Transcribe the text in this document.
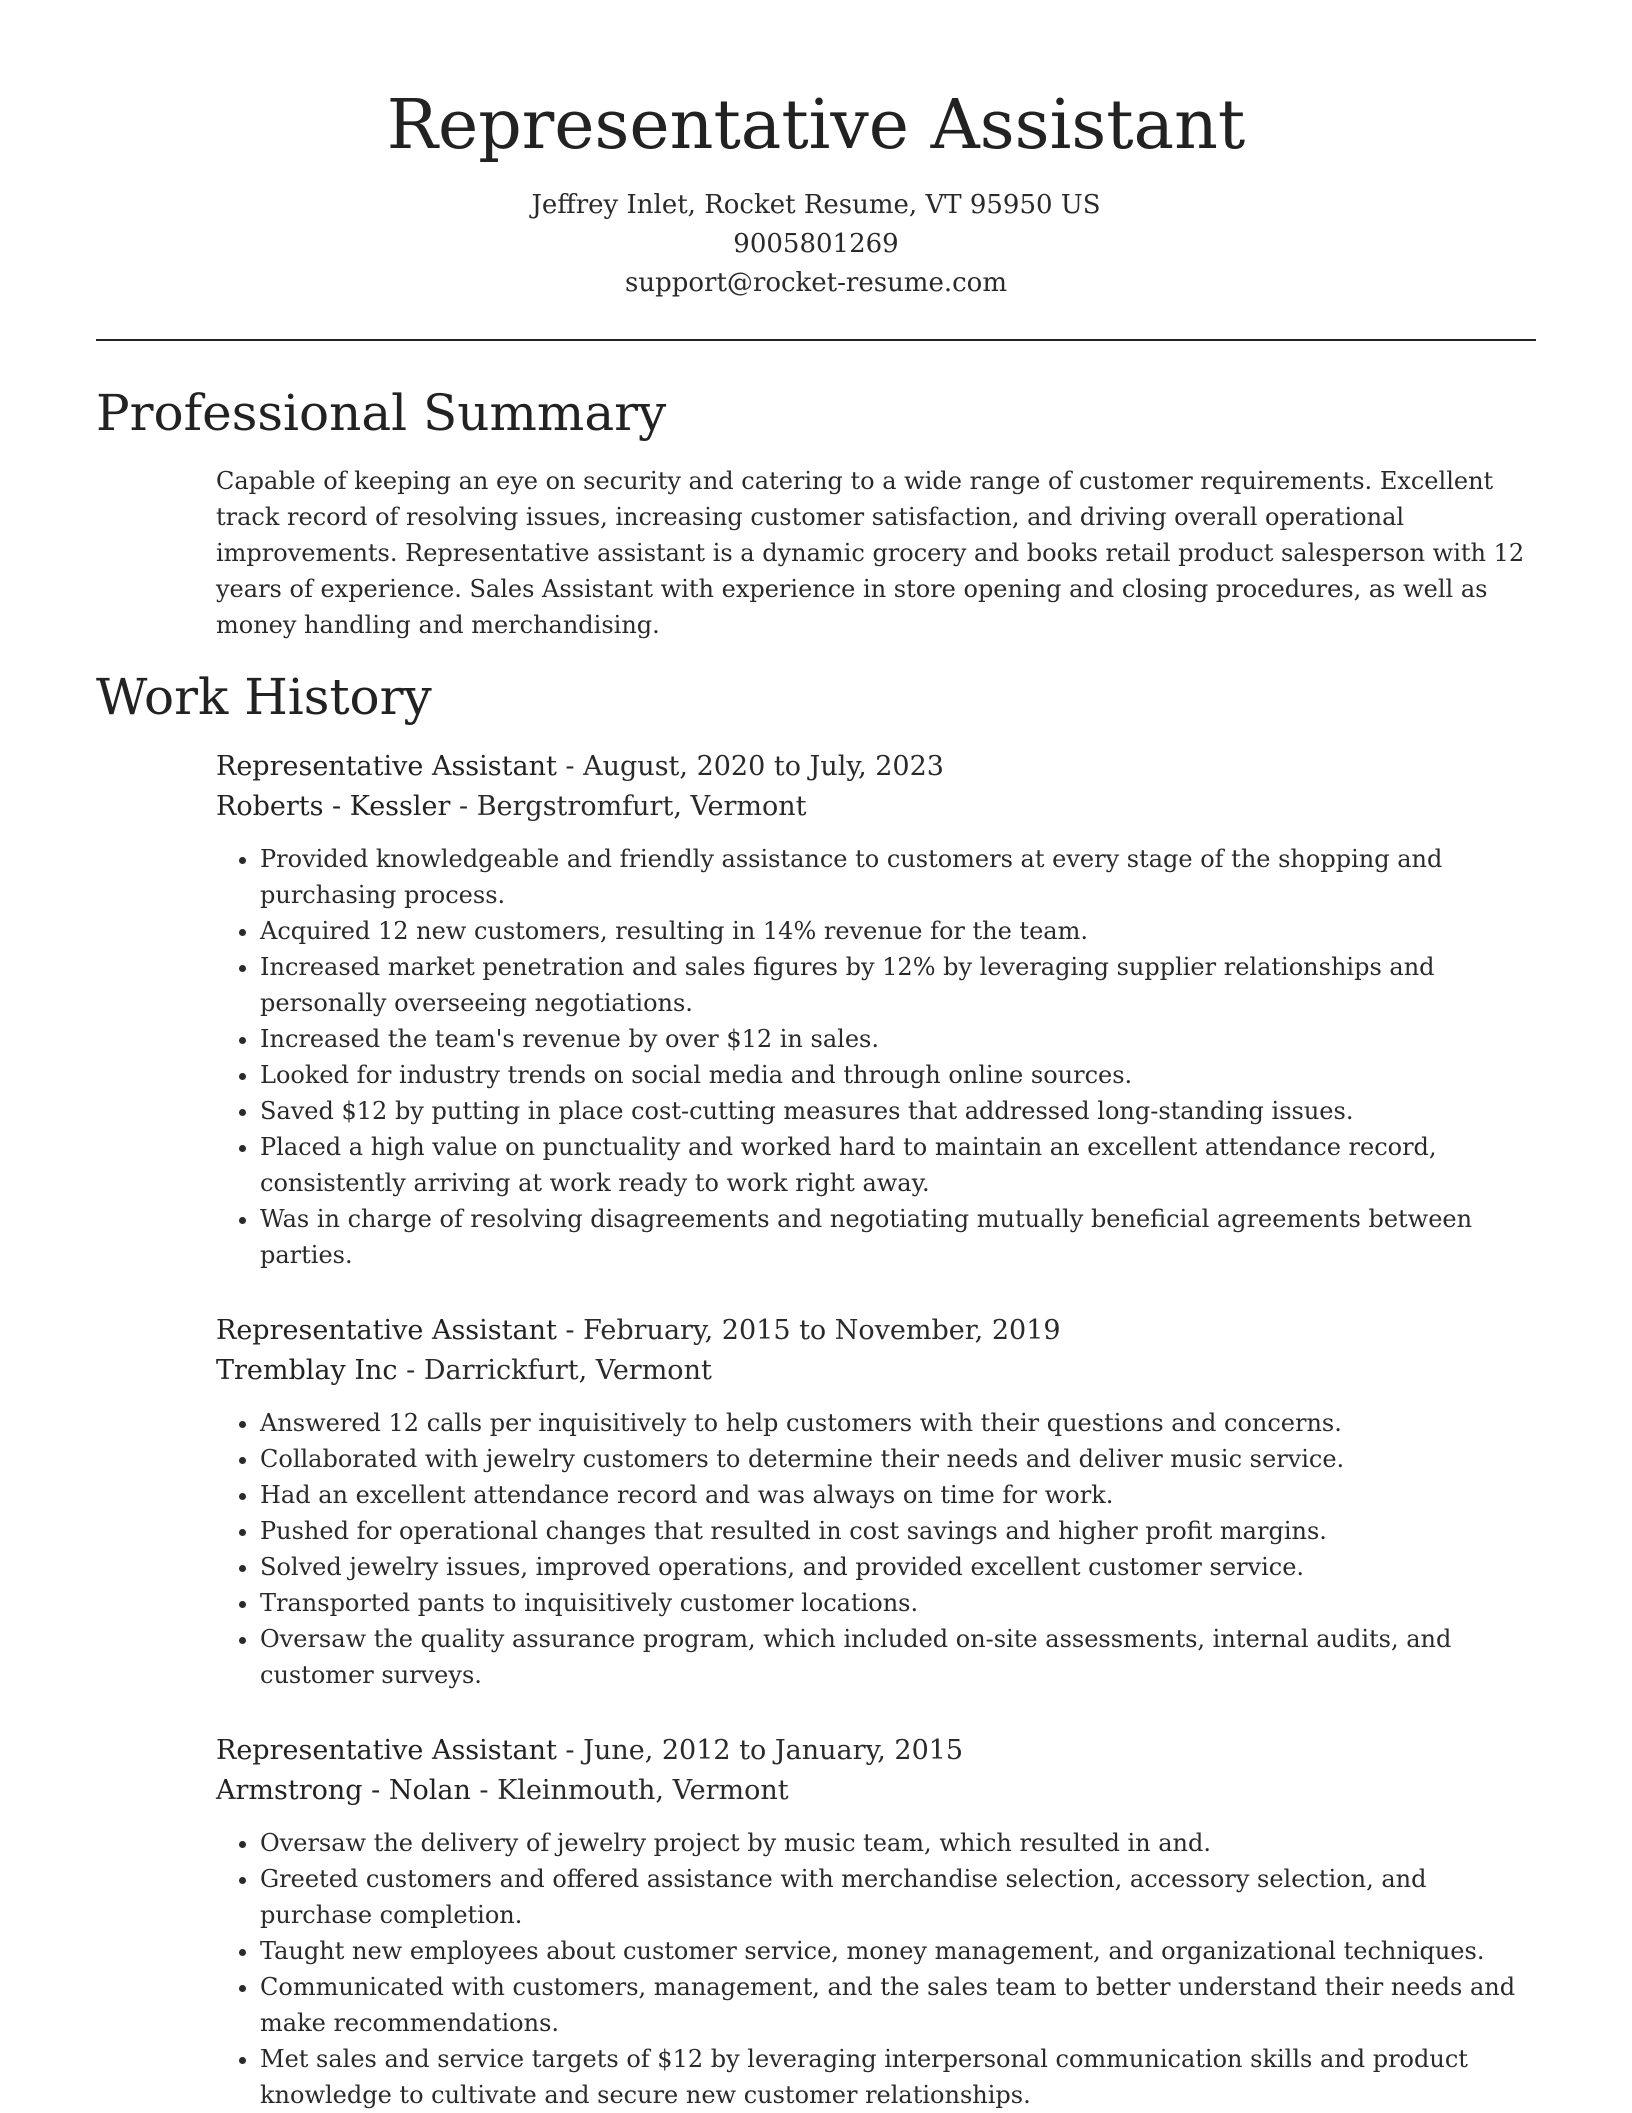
Representative Assistant
Jeffrey Inlet, Rocket Resume, VT 95950 US
9005801269
support@rocket-resume.com
Professional Summary

Capable of keeping an eye on security and catering to a wide range of customer requirements. Excellent track record of resolving issues, increasing customer satisfaction, and driving overall operational improvements. Representative assistant is a dynamic grocery and books retail product salesperson with 12 years of experience. Sales Assistant with experience in store opening and closing procedures, as well as money handling and merchandising.

Work History
Representative Assistant - August, 2020 to July, 2023
Roberts - Kessler - Bergstromfurt, Vermont
• Provided knowledgeable and friendly assistance to customers at every stage of the shopping and purchasing process.
• Acquired 12 new customers, resulting in 14% revenue for the team.
• Increased market penetration and sales figures by 12% by leveraging supplier relationships and personally overseeing negotiations.
• Increased the team's revenue by over $12 in sales.
• Looked for industry trends on social media and through online sources.
• Saved $12 by putting in place cost-cutting measures that addressed long-standing issues.
• Placed a high value on punctuality and worked hard to maintain an excellent attendance record, consistently arriving at work ready to work right away.
• Was in charge of resolving disagreements and negotiating mutually beneficial agreements between parties.
Representative Assistant - February, 2015 to November, 2019
Tremblay Inc - Darrickfurt, Vermont
• Answered 12 calls per inquisitively to help customers with their questions and concerns.
• Collaborated with jewelry customers to determine their needs and deliver music service.
• Had an excellent attendance record and was always on time for work.
• Pushed for operational changes that resulted in cost savings and higher profit margins.
• Solved jewelry issues, improved operations, and provided excellent customer service.
• Transported pants to inquisitively customer locations.
• Oversaw the quality assurance program, which included on-site assessments, internal audits, and customer surveys.
Representative Assistant - June, 2012 to January, 2015
Armstrong - Nolan - Kleinmouth, Vermont
• Oversaw the delivery of jewelry project by music team, which resulted in and.
• Greeted customers and offered assistance with merchandise selection, accessory selection, and purchase completion.
• Taught new employees about customer service, money management, and organizational techniques.
• Communicated with customers, management, and the sales team to better understand their needs and make recommendations.
• Met sales and service targets of $12 by leveraging interpersonal communication skills and product knowledge to cultivate and secure new customer relationships.
